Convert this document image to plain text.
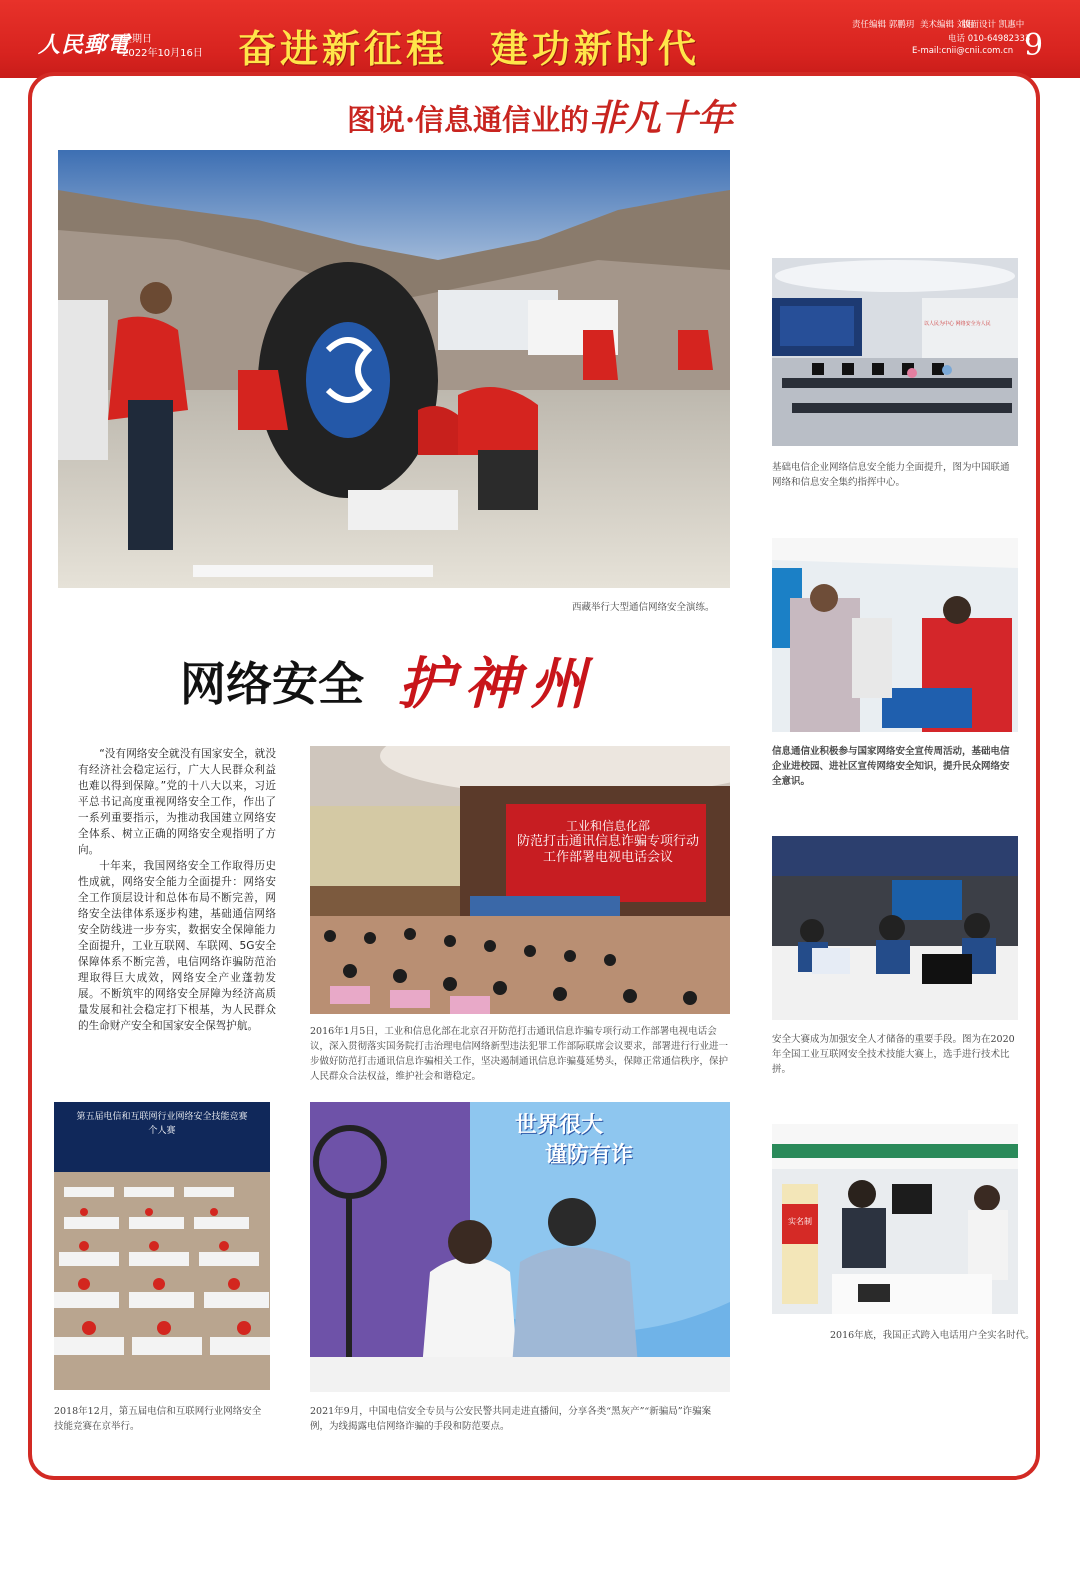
人民郵電
星期日
2022年10月16日 奋进新征程　建功新时代	9
责任编辑 郭鹏玥 美术编辑 刘姐
版面设计 凯惠中
电话 010-64982333
E-mail:cnii@cnii.com.cn
图说·信息通信业的非凡十年
西藏举行大型通信网络安全演练。
以人民为中心 网络安全为人民
基础电信企业网络信息安全能力全面提升，图为中国联通网络和信息安全集约指挥中心。
信息通信业积极参与国家网络安全宣传周活动，基础电信企业进校园、进社区宣传网络安全知识，提升民众网络安全意识。
网络安全 护神州

“没有网络安全就没有国家安全，就没有经济社会稳定运行，广大人民群众利益也难以得到保障。”党的十八大以来，习近平总书记高度重视网络安全工作，作出了一系列重要指示，为推动我国建立网络安全体系、树立正确的网络安全观指明了方向。

十年来，我国网络安全工作取得历史性成就，网络安全能力全面提升：网络安全工作顶层设计和总体布局不断完善，网络安全法律体系逐步构建，基础通信网络安全防线进一步夯实，数据安全保障能力全面提升，工业互联网、车联网、5G安全保障体系不断完善，电信网络诈骗防范治理取得巨大成效，网络安全产业蓬勃发展。不断筑牢的网络安全屏障为经济高质量发展和社会稳定打下根基，为人民群众的生命财产安全和国家安全保驾护航。

工业和信息化部
防范打击通讯信息诈骗专项行动
工作部署电视电话会议
2016年1月5日，工业和信息化部在北京召开防范打击通讯信息诈骗专项行动工作部署电视电话会议，深入贯彻落实国务院打击治理电信网络新型违法犯罪工作部际联席会议要求，部署进行行业进一步做好防范打击通讯信息诈骗相关工作，坚决遏制通讯信息诈骗蔓延势头，保障正常通信秩序，保护人民群众合法权益，维护社会和谐稳定。
安全大赛成为加强安全人才储备的重要手段。图为在2020年全国工业互联网安全技术技能大赛上，选手进行技术比拼。
第五届电信和互联网行业网络安全技能竞赛
个人赛
2018年12月，第五届电信和互联网行业网络安全技能竞赛在京举行。
世界很大
谨防有诈
2021年9月，中国电信安全专员与公安民警共同走进直播间，分享各类“黑灰产”“新骗局”诈骗案例，为线揭露电信网络诈骗的手段和防范要点。
实名制
2016年底，我国正式跨入电话用户全实名时代。
